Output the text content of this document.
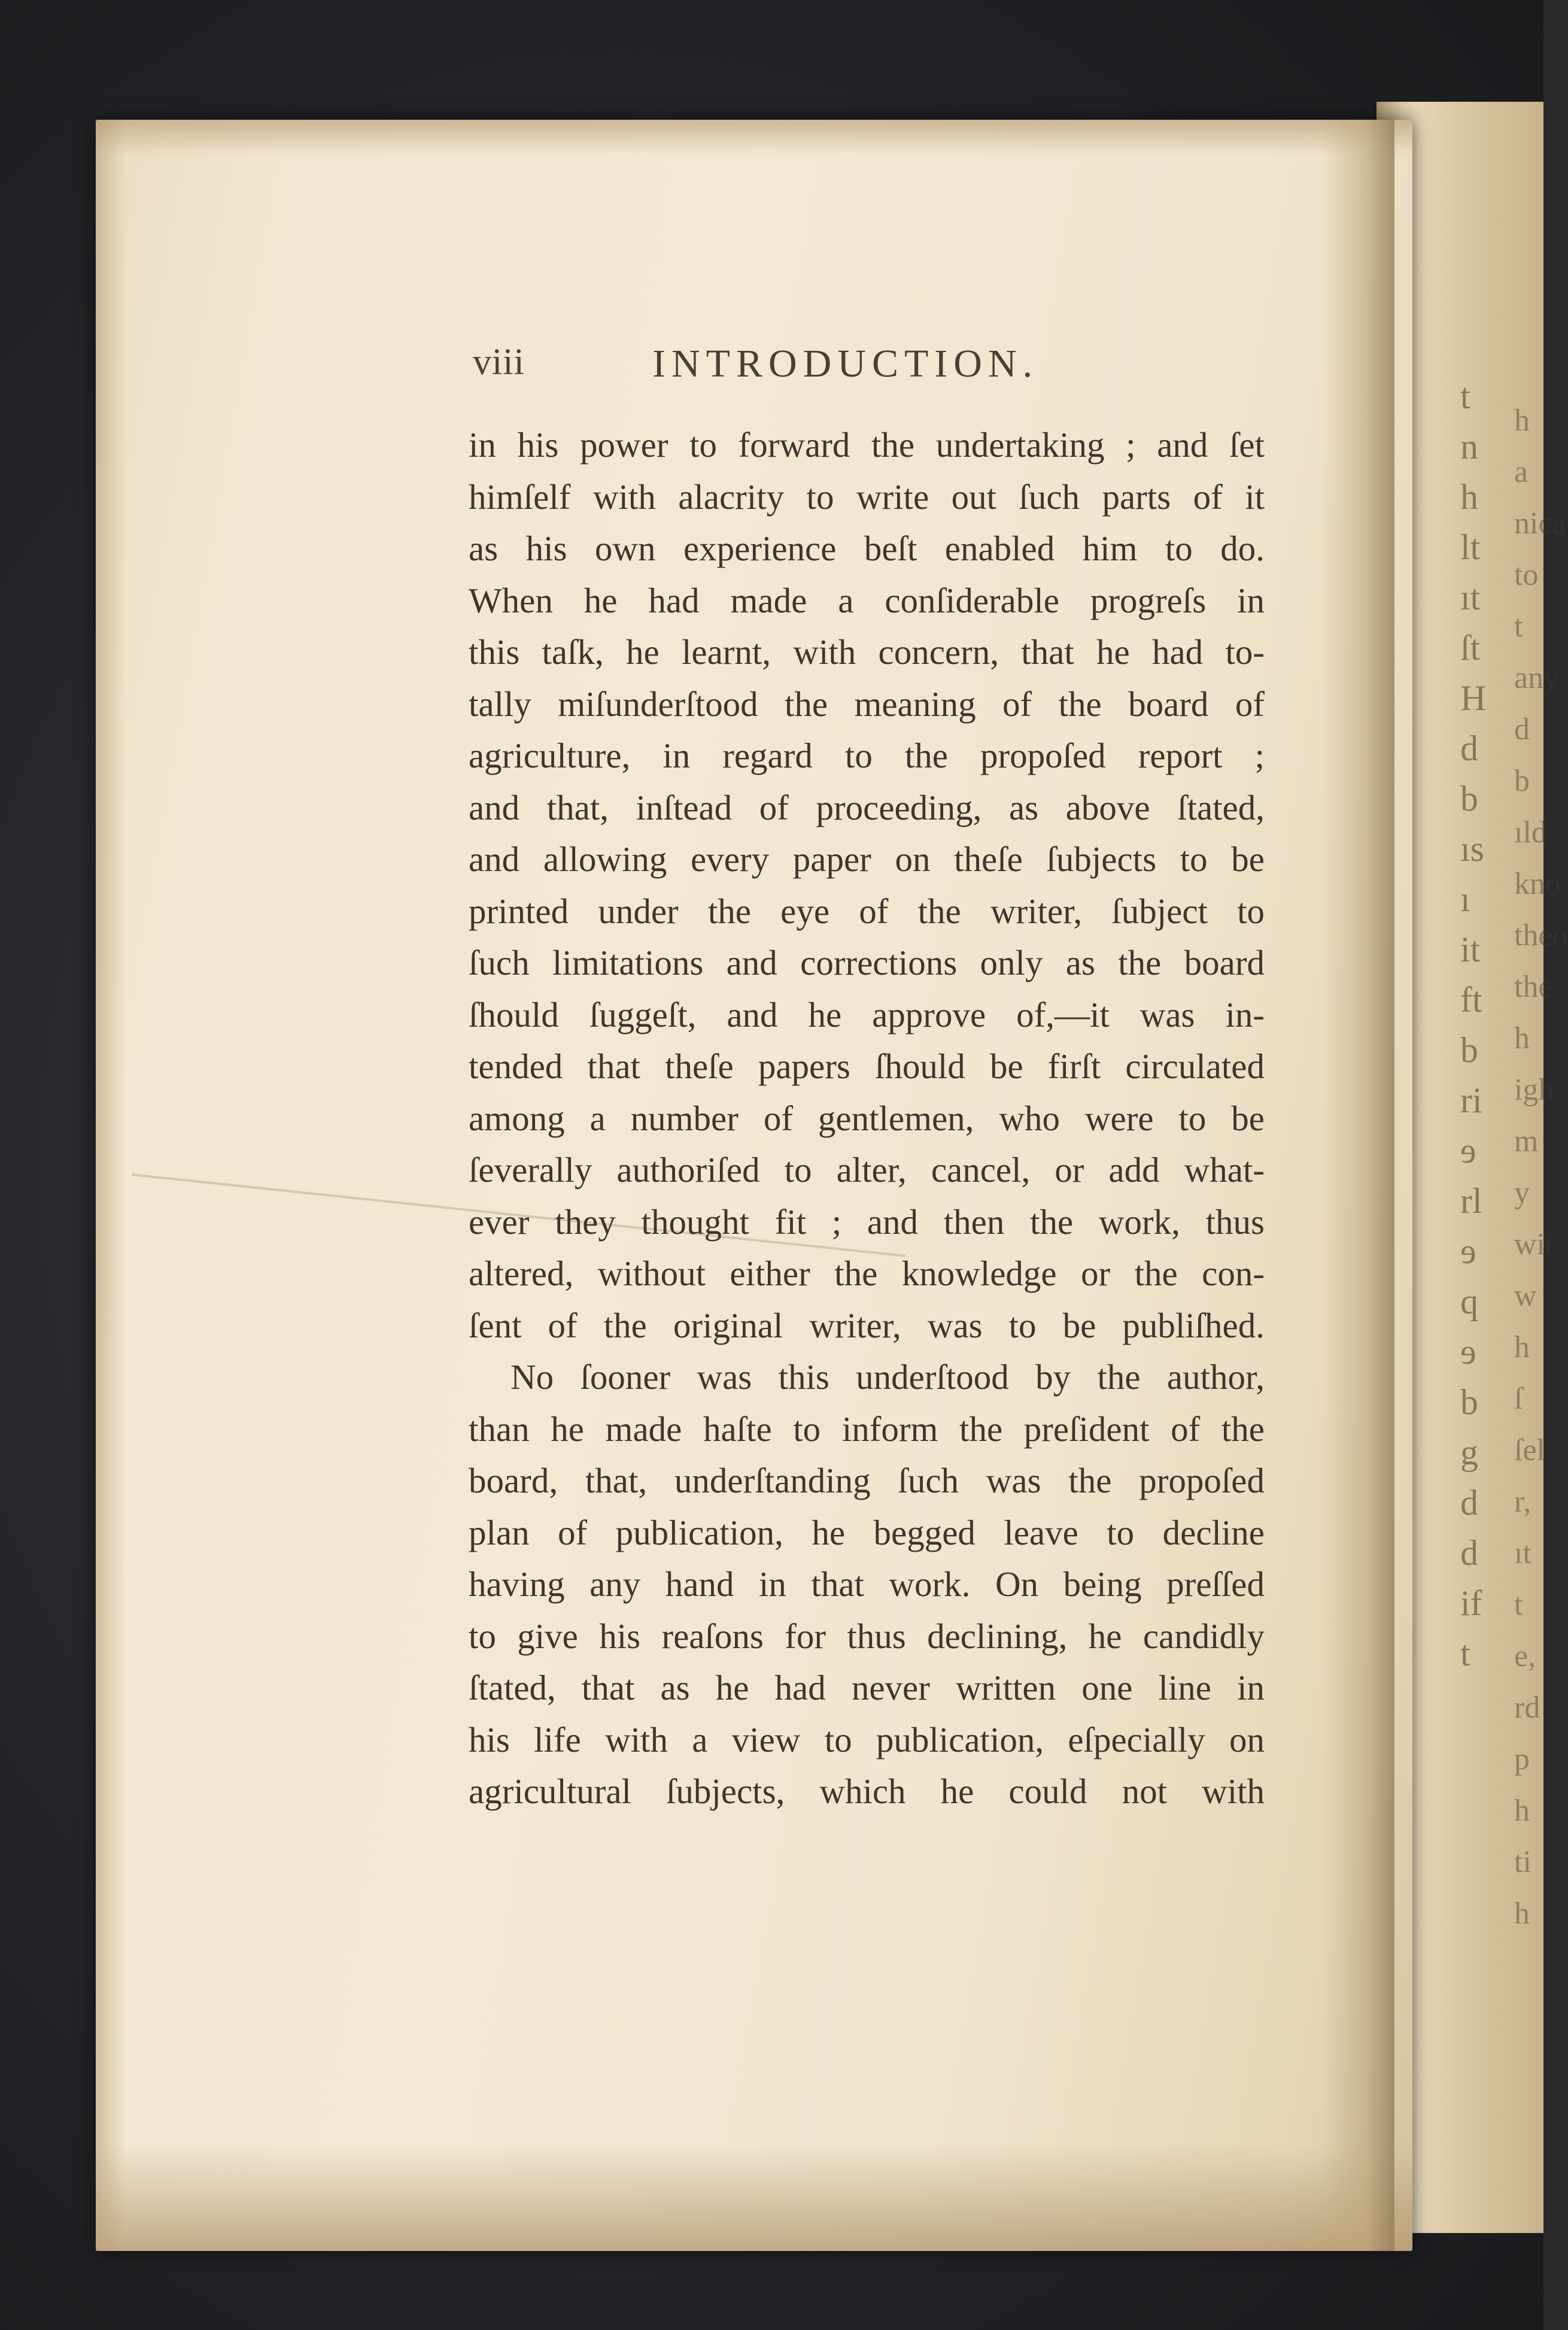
t
n
h
lt
ıt
ſt
H
d
b
ıs
ı
it
ft
b
ri
ɘ
rl
ɘ
q
ɘ
b
g
d
d
if
t
h a
nica
to t
any
d b
ıld
kno
theo
the
h
igh
m
y
wit
w
h ſ
ſel
r,
ıt
t
e,
rd
p
h
ti
h
viii	INTRODUCTION.
in his power to forward the undertaking ; and ſet
himſelf with alacrity to write out ſuch parts of it
as his own experience beſt enabled him to do.
When he had made a conſiderable progreſs in
this taſk, he learnt, with concern, that he had to-
tally miſunderſtood the meaning of the board of
agriculture, in regard to the propoſed report ;
and that, inſtead of proceeding, as above ſtated,
and allowing every paper on theſe ſubjects to be
printed under the eye of the writer, ſubject to
ſuch limitations and corrections only as the board
ſhould ſuggeſt, and he approve of,—it was in-
tended that theſe papers ſhould be firſt circulated
among a number of gentlemen, who were to be
ſeverally authoriſed to alter, cancel, or add what-
ever they thought fit ; and then the work, thus
altered, without either the knowledge or the con-
ſent of the original writer, was to be publiſhed.
No ſooner was this underſtood by the author,
than he made haſte to inform the preſident of the
board, that, underſtanding ſuch was the propoſed
plan of publication, he begged leave to decline
having any hand in that work. On being preſſed
to give his reaſons for thus declining, he candidly
ſtated, that as he had never written one line in
his life with a view to publication, eſpecially on
agricultural ſubjects, which he could not with
